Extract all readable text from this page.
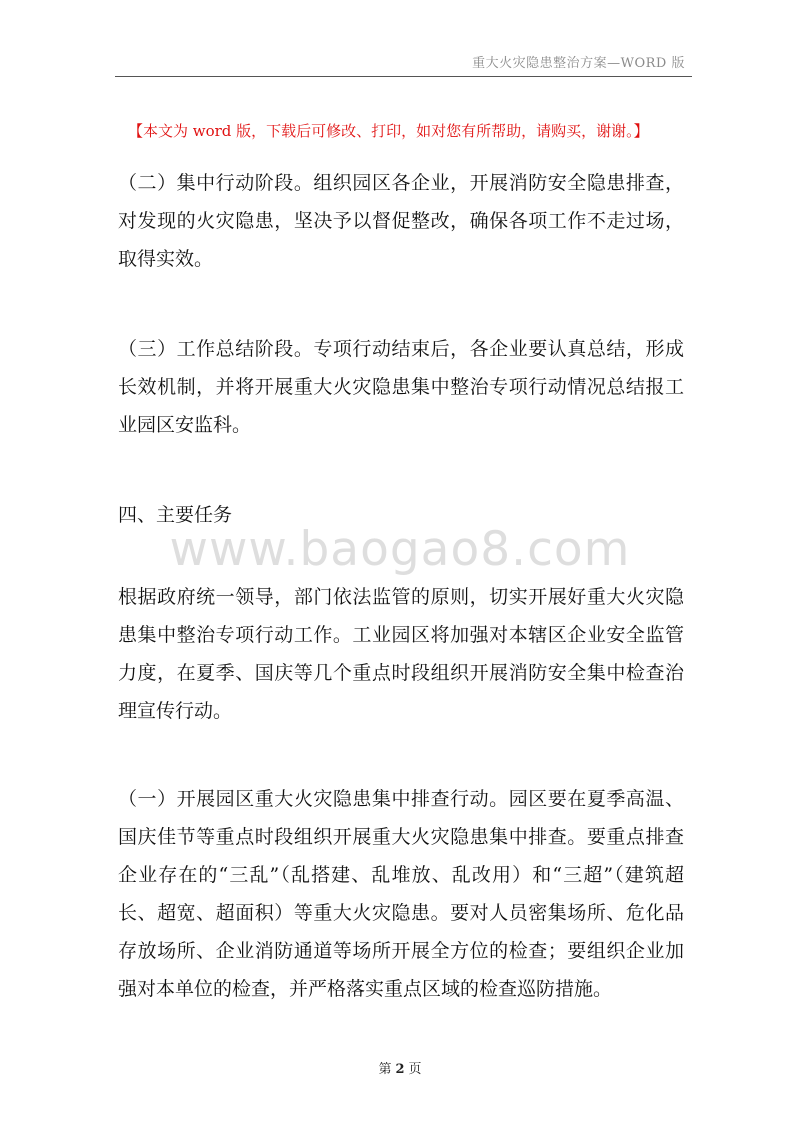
重大火灾隐患整治方案—WORD 版
【本文为 word 版，下载后可修改、打印，如对您有所帮助，请购买，谢谢。】

（二）集中行动阶段。组织园区各企业，开展消防安全隐患排查，对发现的火灾隐患，坚决予以督促整改，确保各项工作不走过场，取得实效。

（三）工作总结阶段。专项行动结束后，各企业要认真总结，形成长效机制，并将开展重大火灾隐患集中整治专项行动情况总结报工业园区安监科。

四、主要任务

www.baogao8.com

根据政府统一领导，部门依法监管的原则，切实开展好重大火灾隐患集中整治专项行动工作。工业园区将加强对本辖区企业安全监管力度，在夏季、国庆等几个重点时段组织开展消防安全集中检查治理宣传行动。

（一）开展园区重大火灾隐患集中排查行动。园区要在夏季高温、国庆佳节等重点时段组织开展重大火灾隐患集中排查。要重点排查企业存在的“三乱”（乱搭建、乱堆放、乱改用）和“三超”（建筑超长、超宽、超面积）等重大火灾隐患。要对人员密集场所、危化品存放场所、企业消防通道等场所开展全方位的检查；要组织企业加强对本单位的检查，并严格落实重点区域的检查巡防措施。

第 2 页
